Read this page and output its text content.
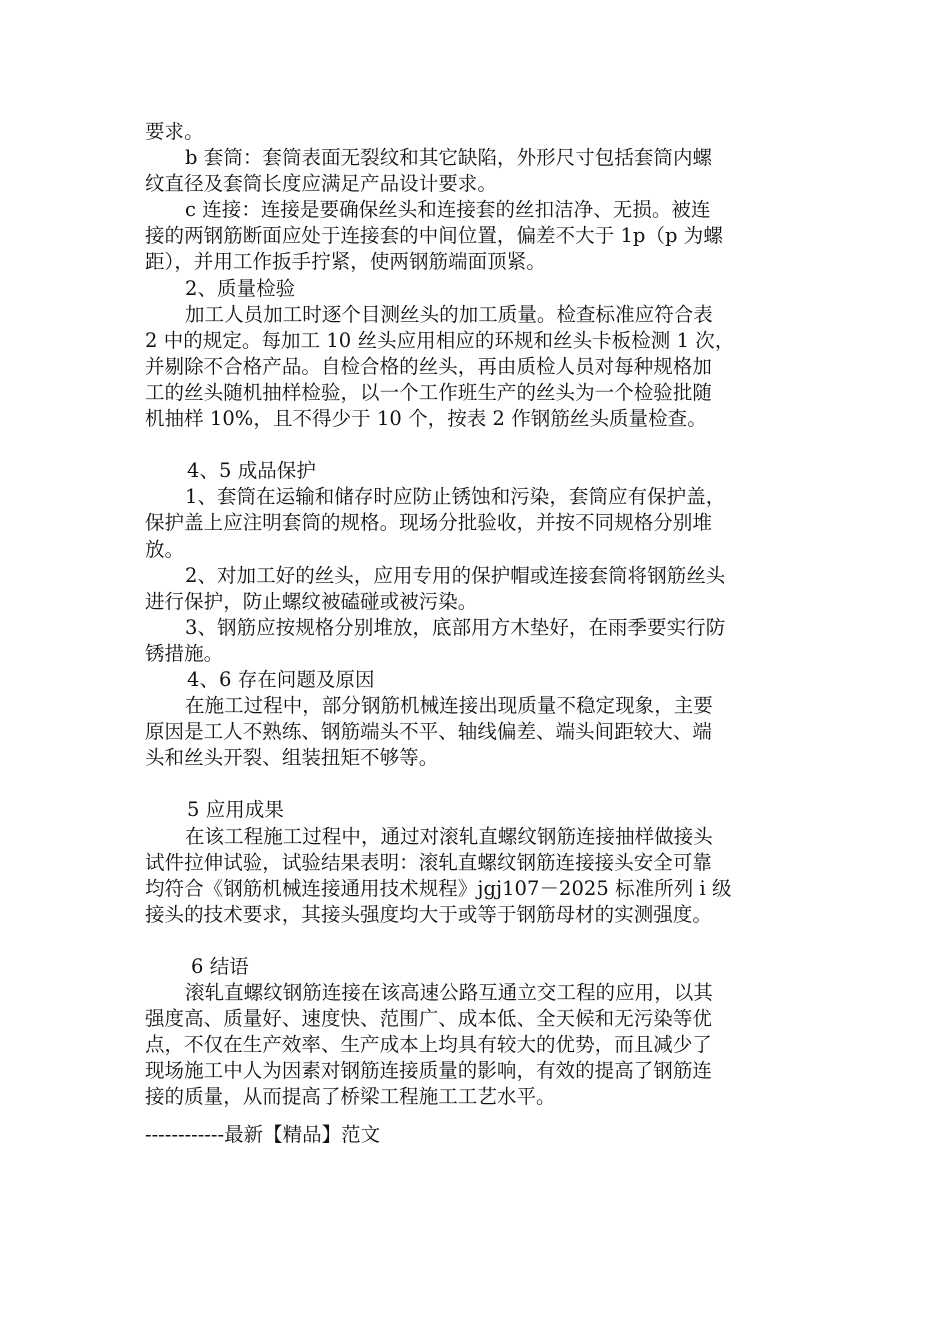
要求。
b 套筒：套筒表面无裂纹和其它缺陷，外形尺寸包括套筒内螺
纹直径及套筒长度应满足产品设计要求。
c 连接：连接是要确保丝头和连接套的丝扣洁净、无损。被连
接的两钢筋断面应处于连接套的中间位置，偏差不大于 1p（p 为螺
距），并用工作扳手拧紧，使两钢筋端面顶紧。
2、质量检验
加工人员加工时逐个目测丝头的加工质量。检查标准应符合表
2 中的规定。每加工 10 丝头应用相应的环规和丝头卡板检测 1 次，
并剔除不合格产品。自检合格的丝头，再由质检人员对每种规格加
工的丝头随机抽样检验，以一个工作班生产的丝头为一个检验批随
机抽样 10%，且不得少于 10 个，按表 2 作钢筋丝头质量检查。
4、5 成品保护
1、套筒在运输和储存时应防止锈蚀和污染，套筒应有保护盖，
保护盖上应注明套筒的规格。现场分批验收，并按不同规格分别堆
放。
2、对加工好的丝头，应用专用的保护帽或连接套筒将钢筋丝头
进行保护，防止螺纹被磕碰或被污染。
3、钢筋应按规格分别堆放，底部用方木垫好，在雨季要实行防
锈措施。
4、6 存在问题及原因
在施工过程中，部分钢筋机械连接出现质量不稳定现象，主要
原因是工人不熟练、钢筋端头不平、轴线偏差、端头间距较大、端
头和丝头开裂、组装扭矩不够等。
5 应用成果
在该工程施工过程中，通过对滚轧直螺纹钢筋连接抽样做接头
试件拉伸试验，试验结果表明：滚轧直螺纹钢筋连接接头安全可靠
均符合《钢筋机械连接通用技术规程》jgj107－2025 标准所列 i 级
接头的技术要求，其接头强度均大于或等于钢筋母材的实测强度。
6 结语
滚轧直螺纹钢筋连接在该高速公路互通立交工程的应用，以其
强度高、质量好、速度快、范围广、成本低、全天候和无污染等优
点，不仅在生产效率、生产成本上均具有较大的优势，而且减少了
现场施工中人为因素对钢筋连接质量的影响，有效的提高了钢筋连
接的质量，从而提高了桥梁工程施工工艺水平。
------------最新【精品】范文
